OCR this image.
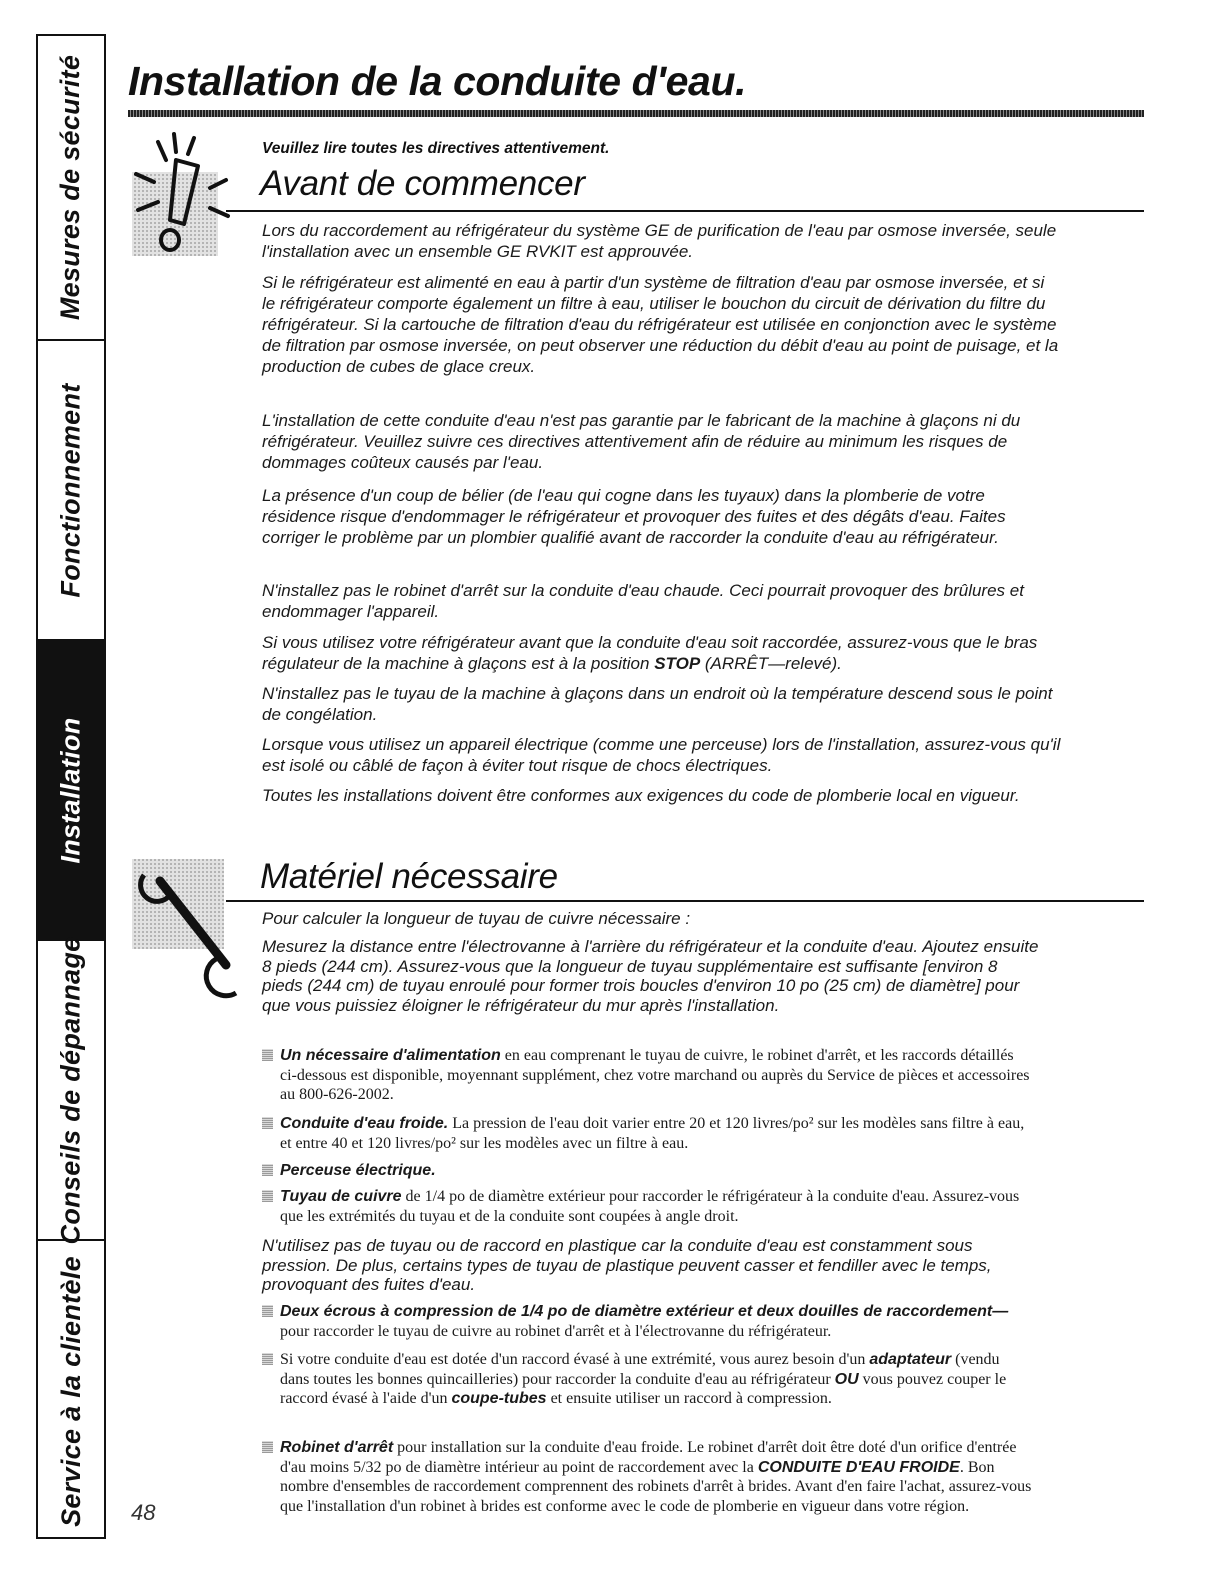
Mesures de sécurité
Fonctionnement
Installation
Conseils de dépannage
Service à la clientèle
Installation de la conduite d'eau.
Veuillez lire toutes les directives attentivement.
Avant de commencer

Lors du raccordement au réfrigérateur du système GE de purification de l'eau par osmose inversée, seule l'installation avec un ensemble GE RVKIT est approuvée.

Si le réfrigérateur est alimenté en eau à partir d'un système de filtration d'eau par osmose inversée, et si le réfrigérateur comporte également un filtre à eau, utiliser le bouchon du circuit de dérivation du filtre du réfrigérateur. Si la cartouche de filtration d'eau du réfrigérateur est utilisée en conjonction avec le système de filtration par osmose inversée, on peut observer une réduction du débit d'eau au point de puisage, et la production de cubes de glace creux.

L'installation de cette conduite d'eau n'est pas garantie par le fabricant de la machine à glaçons ni du réfrigérateur. Veuillez suivre ces directives attentivement afin de réduire au minimum les risques de dommages coûteux causés par l'eau.

La présence d'un coup de bélier (de l'eau qui cogne dans les tuyaux) dans la plomberie de votre résidence risque d'endommager le réfrigérateur et provoquer des fuites et des dégâts d'eau. Faites corriger le problème par un plombier qualifié avant de raccorder la conduite d'eau au réfrigérateur.

N'installez pas le robinet d'arrêt sur la conduite d'eau chaude. Ceci pourrait provoquer des brûlures et endommager l'appareil.

Si vous utilisez votre réfrigérateur avant que la conduite d'eau soit raccordée, assurez-vous que le bras régulateur de la machine à glaçons est à la position STOP (ARRÊT—relevé).

N'installez pas le tuyau de la machine à glaçons dans un endroit où la température descend sous le point de congélation.

Lorsque vous utilisez un appareil électrique (comme une perceuse) lors de l'installation, assurez-vous qu'il est isolé ou câblé de façon à éviter tout risque de chocs électriques.

Toutes les installations doivent être conformes aux exigences du code de plomberie local en vigueur.

Matériel nécessaire

Pour calculer la longueur de tuyau de cuivre nécessaire :

Mesurez la distance entre l'électrovanne à l'arrière du réfrigérateur et la conduite d'eau. Ajoutez ensuite 8 pieds (244 cm). Assurez-vous que la longueur de tuyau supplémentaire est suffisante [environ 8 pieds (244 cm) de tuyau enroulé pour former trois boucles d'environ 10 po (25 cm) de diamètre] pour que vous puissiez éloigner le réfrigérateur du mur après l'installation.

Un nécessaire d'alimentation en eau comprenant le tuyau de cuivre, le robinet d'arrêt, et les raccords détaillés ci-dessous est disponible, moyennant supplément, chez votre marchand ou auprès du Service de pièces et accessoires au 800-626-2002.

Conduite d'eau froide. La pression de l'eau doit varier entre 20 et 120 livres/po² sur les modèles sans filtre à eau, et entre 40 et 120 livres/po² sur les modèles avec un filtre à eau.

Perceuse électrique.

Tuyau de cuivre de 1/4 po de diamètre extérieur pour raccorder le réfrigérateur à la conduite d'eau. Assurez-vous que les extrémités du tuyau et de la conduite sont coupées à angle droit.

N'utilisez pas de tuyau ou de raccord en plastique car la conduite d'eau est constamment sous pression. De plus, certains types de tuyau de plastique peuvent casser et fendiller avec le temps, provoquant des fuites d'eau.

Deux écrous à compression de 1/4 po de diamètre extérieur et deux douilles de raccordement— pour raccorder le tuyau de cuivre au robinet d'arrêt et à l'électrovanne du réfrigérateur.

Si votre conduite d'eau est dotée d'un raccord évasé à une extrémité, vous aurez besoin d'un adaptateur (vendu dans toutes les bonnes quincailleries) pour raccorder la conduite d'eau au réfrigérateur OU vous pouvez couper le raccord évasé à l'aide d'un coupe-tubes et ensuite utiliser un raccord à compression.

Robinet d'arrêt pour installation sur la conduite d'eau froide. Le robinet d'arrêt doit être doté d'un orifice d'entrée d'au moins 5/32 po de diamètre intérieur au point de raccordement avec la CONDUITE D'EAU FROIDE. Bon nombre d'ensembles de raccordement comprennent des robinets d'arrêt à brides. Avant d'en faire l'achat, assurez-vous que l'installation d'un robinet à brides est conforme avec le code de plomberie en vigueur dans votre région.

48
